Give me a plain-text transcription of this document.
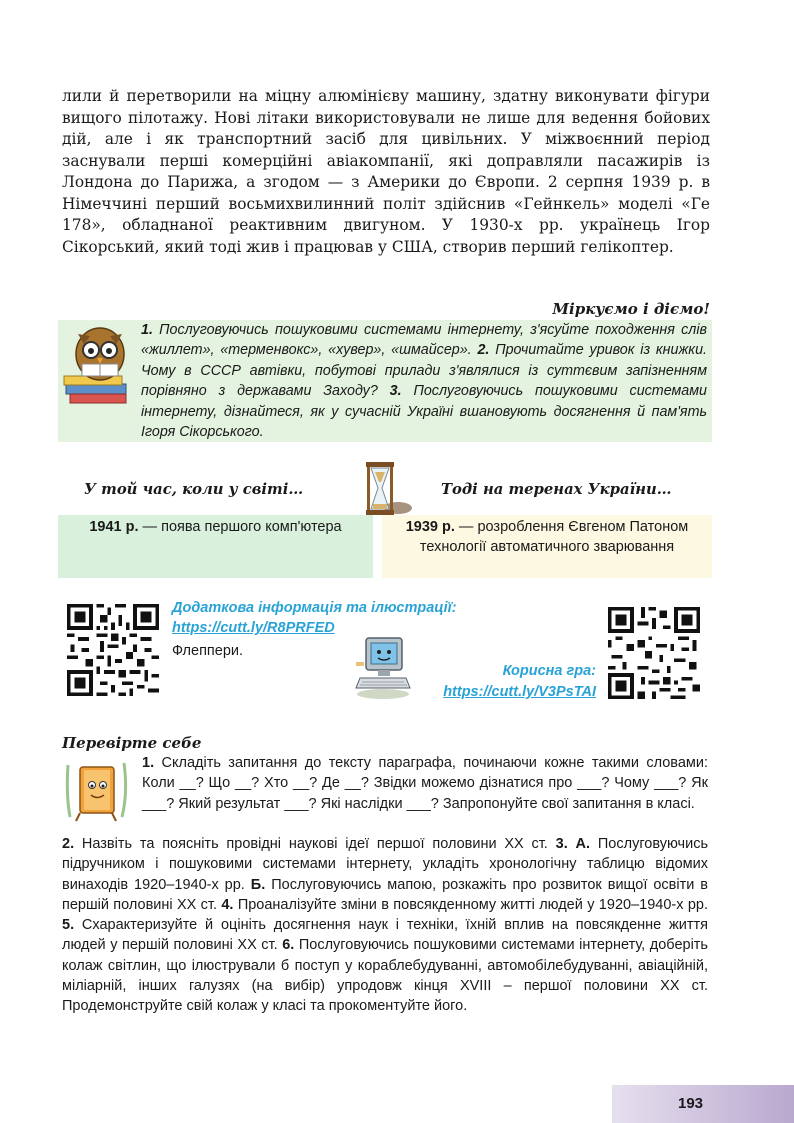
лили й перетворили на міцну алюмінієву машину, здатну виконувати фігури вищого пілотажу. Нові літаки використовували не лише для ведення бойових дій, але і як транспортний засіб для цивільних. У міжвоєнний період заснували перші комерційні авіакомпанії, які доправляли пасажирів із Лондона до Парижа, а згодом — з Америки до Європи. 2 серпня 1939 р. в Німеччині перший восьмихвилинний політ здійснив «Гейнкель» моделі «Ге 178», обладнаної реактивним двигуном. У 1930-х рр. українець Ігор Сікорський, який тоді жив і працював у США, створив перший гелікоптер.

Міркуємо і діємо!
1. Послуговуючись пошуковими системами інтернету, з'ясуйте походження слів «жиллет», «терменвокс», «хувер», «шмайсер». 2. Прочитайте уривок із книжки. Чому в СССР автівки, побутові прилади з'являлися із суттєвим запізненням порівняно з державами Заходу? 3. Послуговуючись пошуковими системами інтернету, дізнайтеся, як у сучасній Україні вшановують досягнення й пам'ять Ігоря Сікорського.
У той час, коли у світі…	Тоді на теренах України…
1941 р. — поява першого комп'ютера	1939 р. — розроблення Євгеном Патоном технології автоматичного зварювання
Додаткова інформація та ілюстрації:
https://cutt.ly/R8PRFED
Флеппери.
Корисна гра:
https://cutt.ly/V3PsTAI
Перевірте себе
1. Складіть запитання до тексту параграфа, починаючи кожне такими словами: Коли __? Що __? Хто __? Де __? Звідки можемо дізнатися про ___? Чому ___? Як ___? Який результат ___? Які наслідки ___? Запропонуйте свої запитання в класі.
2. Назвіть та поясніть провідні наукові ідеї першої половини ХХ ст. 3. А. Послуговуючись підручником і пошуковими системами інтернету, укладіть хронологічну таблицю відомих винаходів 1920–1940-х рр. Б. Послуговуючись мапою, розкажіть про розвиток вищої освіти в першій половині ХХ ст. 4. Проаналізуйте зміни в повсякденному житті людей у 1920–1940-х рр. 5. Схарактеризуйте й оцініть досягнення наук і техніки, їхній вплив на повсякденне життя людей у першій половині ХХ ст. 6. Послуговуючись пошуковими системами інтернету, доберіть колаж світлин, що ілюстрували б поступ у кораблебудуванні, автомобілебудуванні, авіаційній, міліарній, інших галузях (на вибір) упродовж кінця XVIII – першої половини ХХ ст. Продемонструйте свій колаж у класі та прокоментуйте його.
193
